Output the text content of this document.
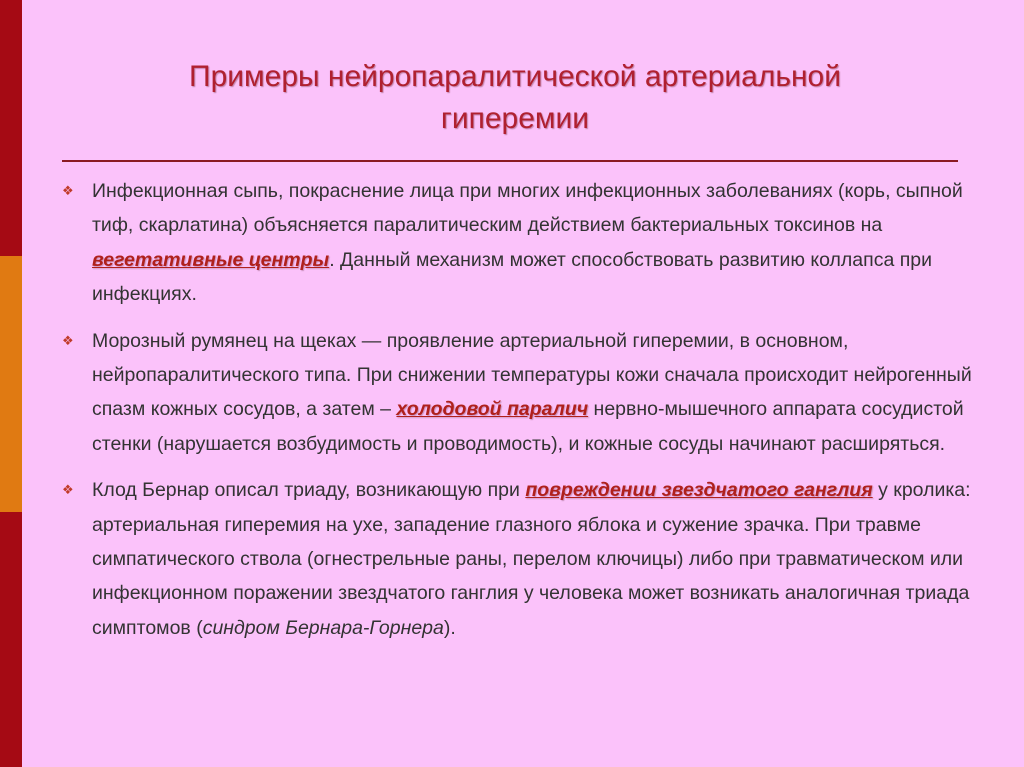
Примеры нейропаралитической артериальной
гиперемии
❖ Инфекционная сыпь, покраснение лица при многих инфекционных заболеваниях (корь, сыпной тиф, скарлатина) объясняется паралитическим действием бактериальных токсинов на вегетативные центры. Данный механизм может способствовать развитию коллапса при инфекциях.
❖ Морозный румянец на щеках — проявление артериальной гиперемии, в основном, нейропаралитического типа. При снижении температуры кожи сначала происходит нейрогенный спазм кожных сосудов, а затем – холодовой паралич нервно-мышечного аппарата сосудистой стенки (нарушается возбудимость и проводимость), и кожные сосуды начинают расширяться.
❖ Клод Бернар описал триаду, возникающую при повреждении звездчатого ганглия у кролика: артериальная гиперемия на ухе, западение глазного яблока и сужение зрачка. При травме симпатического ствола (огнестрельные раны, перелом ключицы) либо при травматическом или инфекционном поражении звездчатого ганглия у человека может возникать аналогичная триада симптомов (синдром Бернара-Горнера).
